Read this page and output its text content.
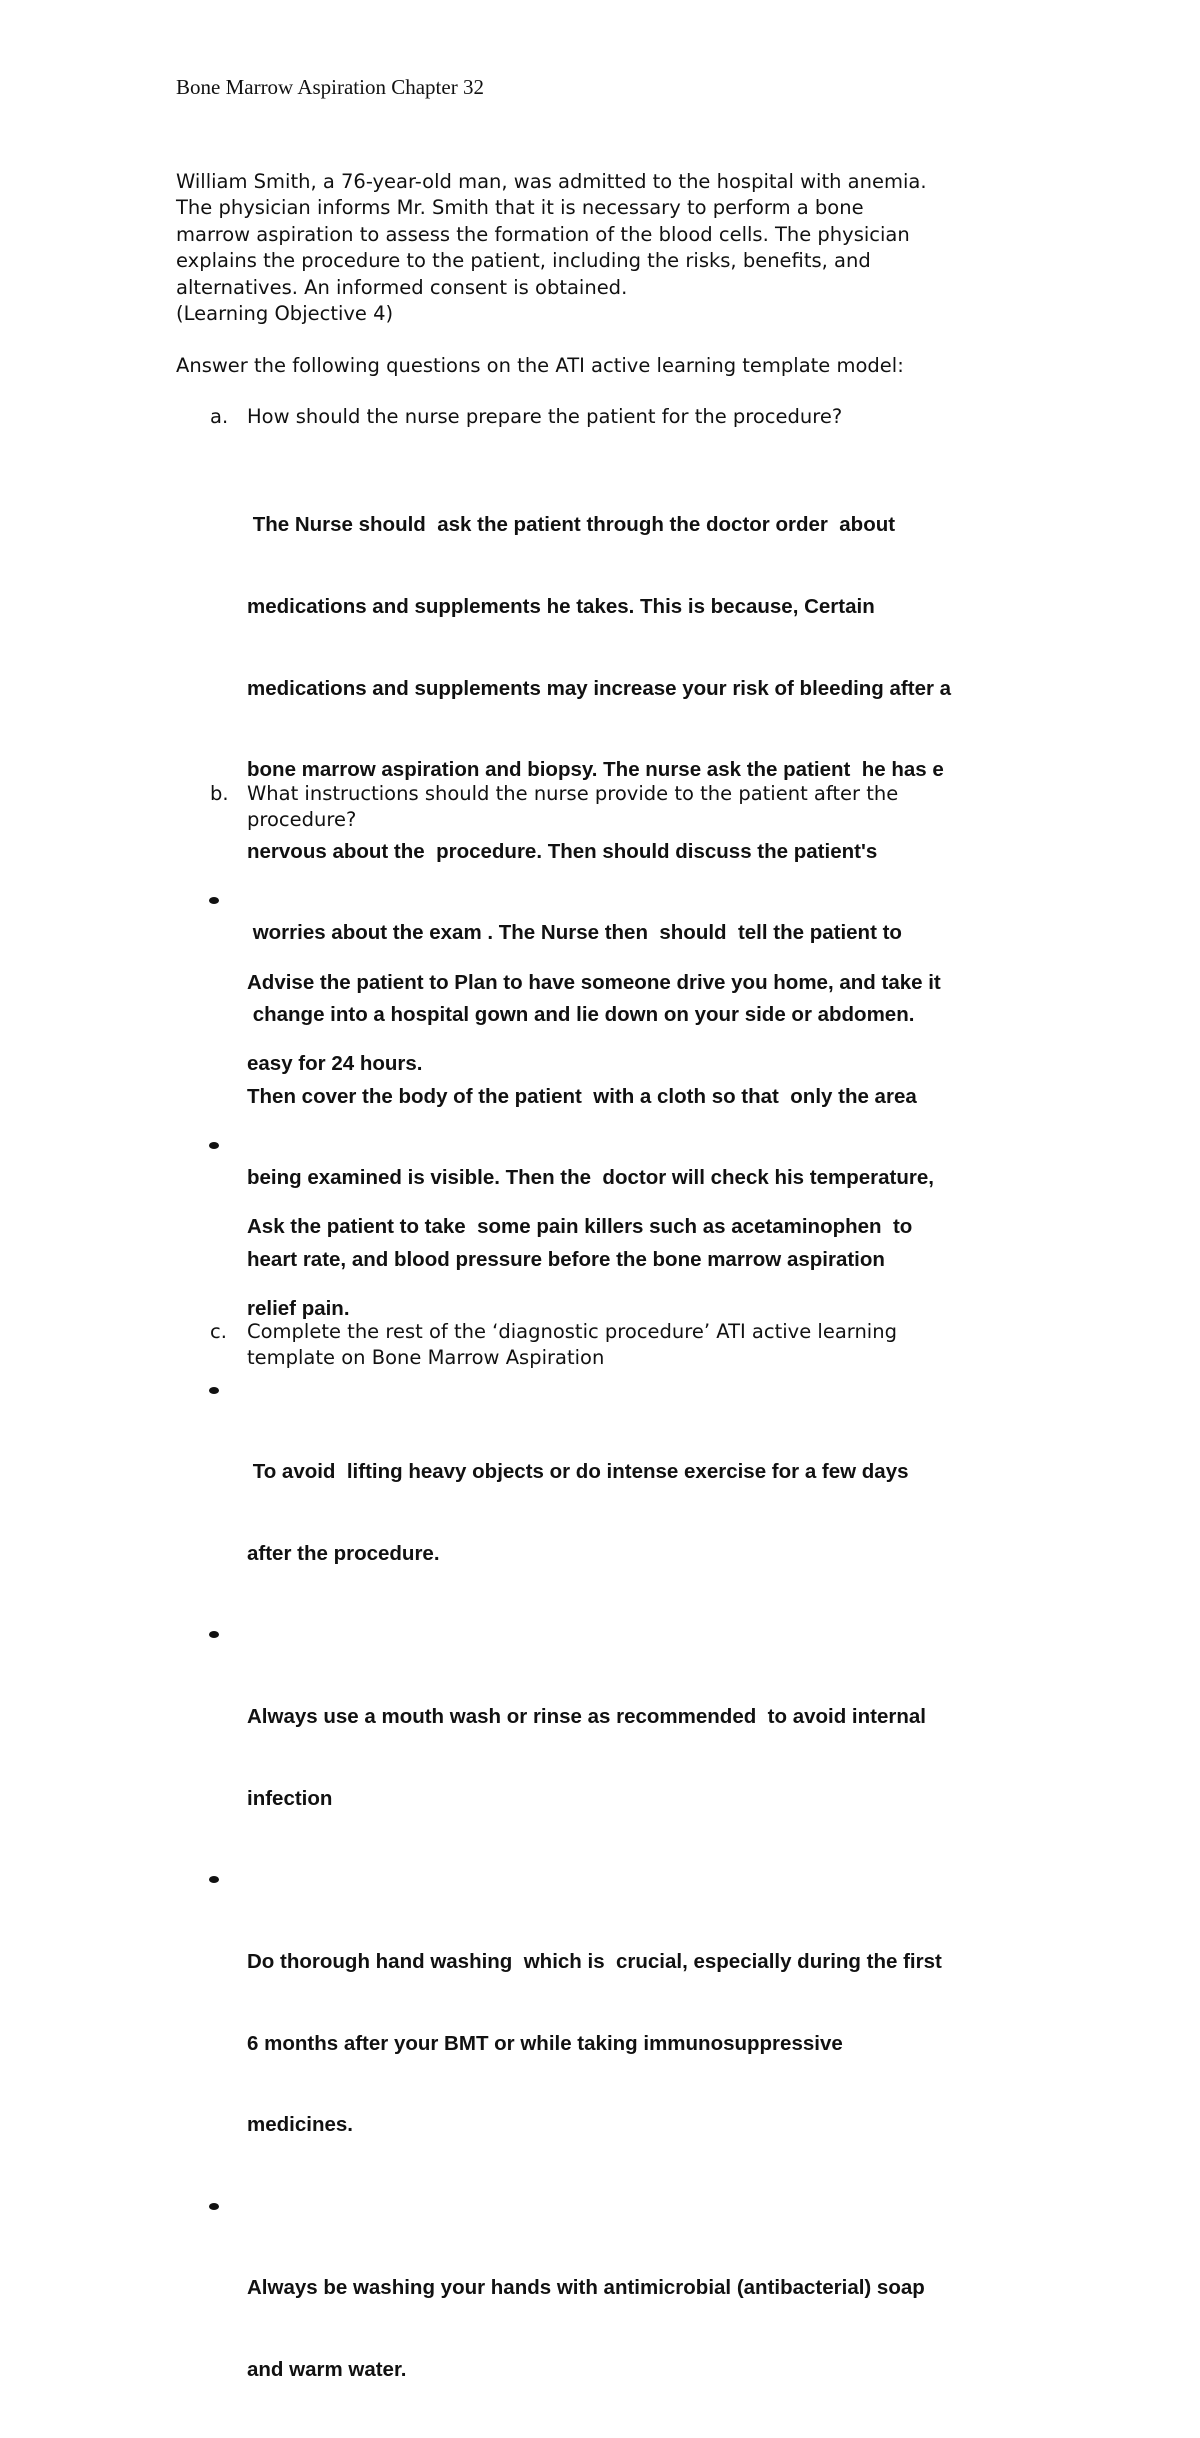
Bone Marrow Aspiration Chapter 32
William Smith, a 76-year-old man, was admitted to the hospital with anemia.
The physician informs Mr. Smith that it is necessary to perform a bone
marrow aspiration to assess the formation of the blood cells. The physician
explains the procedure to the patient, including the risks, benefits, and
alternatives. An informed consent is obtained.
(Learning Objective 4)
Answer the following questions on the ATI active learning template model:
a. How should the nurse prepare the patient for the procedure?

The Nurse should  ask the patient through the doctor order  about

medications and supplements he takes. This is because, Certain

medications and supplements may increase your risk of bleeding after a

bone marrow aspiration and biopsy. The nurse ask the patient  he has e

nervous about the  procedure. Then should discuss the patient's

worries about the exam . The Nurse then  should  tell the patient to

change into a hospital gown and lie down on your side or abdomen.

Then cover the body of the patient  with a cloth so that  only the area

being examined is visible. Then the  doctor will check his temperature,

heart rate, and blood pressure before the bone marrow aspiration

b. What instructions should the nurse provide to the patient after the
procedure?

Advise the patient to Plan to have someone drive you home, and take it

easy for 24 hours.

Ask the patient to take  some pain killers such as acetaminophen  to

relief pain.

To avoid  lifting heavy objects or do intense exercise for a few days

after the procedure.

Always use a mouth wash or rinse as recommended  to avoid internal

infection

Do thorough hand washing  which is  crucial, especially during the first

6 months after your BMT or while taking immunosuppressive

medicines.

Always be washing your hands with antimicrobial (antibacterial) soap

and warm water.

c.	Complete the rest of the ‘diagnostic procedure’ ATI active learning
template on Bone Marrow Aspiration
